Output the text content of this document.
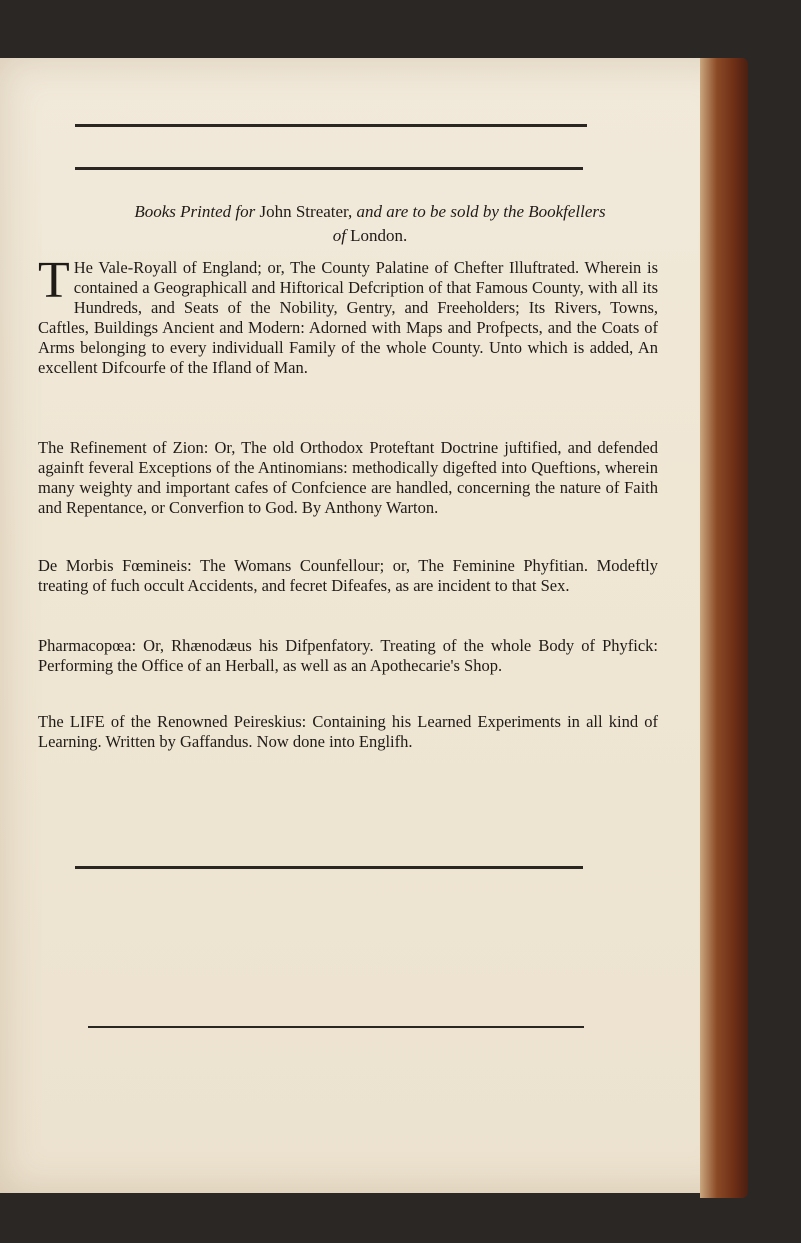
Books Printed for John Streater, and are to be sold by the Bookfellers
of London.
T He Vale-Royall of England; or, The County Palatine of Chefter Illuftrated. Wherein is contained a Geographicall and Hiftorical Defcription of that Famous County, with all its Hundreds, and Seats of the Nobility, Gentry, and Freeholders; Its Rivers, Towns, Caftles, Buildings Ancient and Modern: Adorned with Maps and Profpects, and the Coats of Arms belonging to every individuall Family of the whole County. Unto which is added, An excellent Difcourfe of the Ifland of Man.
The Refinement of Zion: Or, The old Orthodox Proteftant Doctrine juftified, and defended againft feveral Exceptions of the Antinomians: methodically digefted into Queftions, wherein many weighty and important cafes of Confcience are handled, concerning the nature of Faith and Repentance, or Converfion to God. By Anthony Warton.
De Morbis Fœmineis: The Womans Counfellour; or, The Feminine Phyfitian. Modeftly treating of fuch occult Accidents, and fecret Difeafes, as are incident to that Sex.
Pharmacopœa: Or, Rhænodæus his Difpenfatory. Treating of the whole Body of Phyfick: Performing the Office of an Herball, as well as an Apothecarie's Shop.
The LIFE of the Renowned Peireskius: Containing his Learned Experiments in all kind of Learning. Written by Gaffandus. Now done into Englifh.
